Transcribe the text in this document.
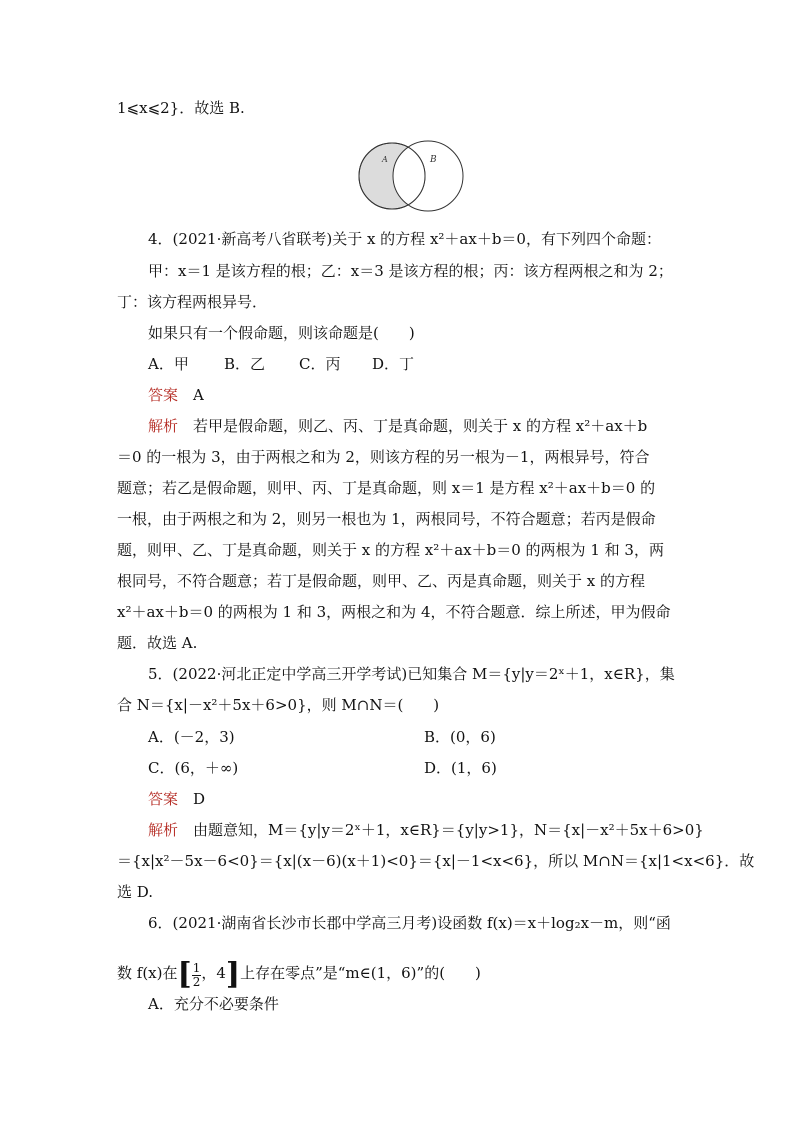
1⩽x⩽2}．故选 B.
A	B
4．(2021·新高考八省联考)关于 x 的方程 x²＋ax＋b＝0，有下列四个命题：
甲：x＝1 是该方程的根；乙：x＝3 是该方程的根；丙：该方程两根之和为 2；
丁：该方程两根异号．
如果只有一个假命题，则该命题是(　　)
A．甲 B．乙 C．丙 D．丁
答案　 A
解析　 若甲是假命题，则乙、丙、丁是真命题，则关于 x 的方程 x²＋ax＋b
＝0 的一根为 3，由于两根之和为 2，则该方程的另一根为－1，两根异号，符合
题意；若乙是假命题，则甲、丙、丁是真命题，则 x＝1 是方程 x²＋ax＋b＝0 的
一根，由于两根之和为 2，则另一根也为 1，两根同号，不符合题意；若丙是假命
题，则甲、乙、丁是真命题，则关于 x 的方程 x²＋ax＋b＝0 的两根为 1 和 3，两
根同号，不符合题意；若丁是假命题，则甲、乙、丙是真命题，则关于 x 的方程
x²＋ax＋b＝0 的两根为 1 和 3，两根之和为 4，不符合题意．综上所述，甲为假命
题．故选 A.
5．(2022·河北正定中学高三开学考试)已知集合 M＝{y|y＝2ˣ＋1，x∈R}，集
合 N＝{x|－x²＋5x＋6>0}，则 M∩N＝(　　)
A．(－2，3)	B．(0，6)
C．(6，＋∞)	D．(1，6)
答案　 D
解析　 由题意知，M＝{y|y＝2ˣ＋1，x∈R}＝{y|y>1}，N＝{x|－x²＋5x＋6>0}
＝{x|x²－5x－6<0}＝{x|(x－6)(x＋1)<0}＝{x|－1<x<6}，所以 M∩N＝{x|1<x<6}．故
选 D.
6．(2021·湖南省长沙市长郡中学高三月考)设函数 f(x)＝x＋log₂x－m，则“函
数 f(x)在[ $\frac{1}{2}$ ，4]上存在零点”是“m∈(1，6)”的(　　)
A．充分不必要条件
